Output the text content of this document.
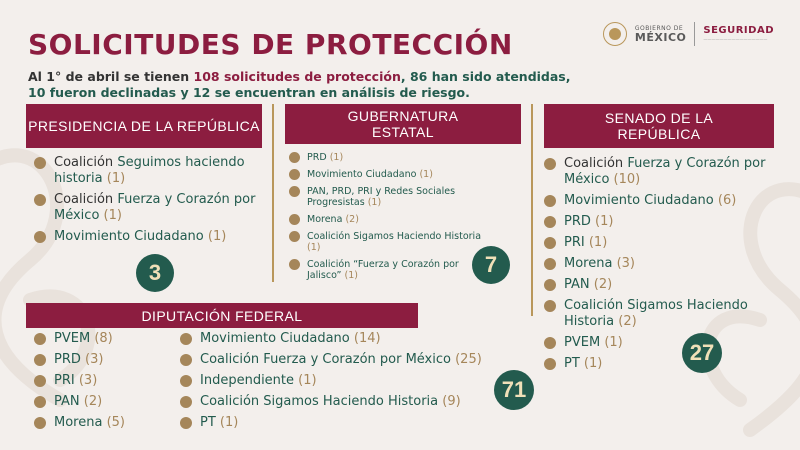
SOLICITUDES DE PROTECCIÓN	GOBIERNO DE
MÉXICO SEGURIDAD
————————————————

Al 1° de abril se tienen 108 solicitudes de protección, 86 han sido atendidas, 10 fueron declinadas y 12 se encuentran en análisis de riesgo.

PRESIDENCIA DE LA REPÚBLICA
GUBERNATURA ESTATAL
SENADO DE LA REPÚBLICA
DIPUTACIÓN FEDERAL
Coalición Seguimos haciendo historia (1)
Coalición Fuerza y Corazón por México (1)
Movimiento Ciudadano (1)
3
PRD (1)
Movimiento Ciudadano (1)
PAN, PRD, PRI y Redes Sociales Progresistas (1)
Morena (2)
Coalición Sigamos Haciendo Historia (1)
Coalición “Fuerza y Corazón por Jalisco” (1)	7
Coalición Fuerza y Corazón por México (10)
Movimiento Ciudadano (6)
PRD (1)
PRI (1)
Morena (3)
PAN (2)
Coalición Sigamos Haciendo Historia (2)
PVEM (1)
PT (1)	27
PVEM (8)
PRD (3)
PRI (3)
PAN (2)
Morena (5)
Movimiento Ciudadano (14)
Coalición Fuerza y Corazón por México (25)
Independiente (1)
Coalición Sigamos Haciendo Historia (9)
PT (1)
71
